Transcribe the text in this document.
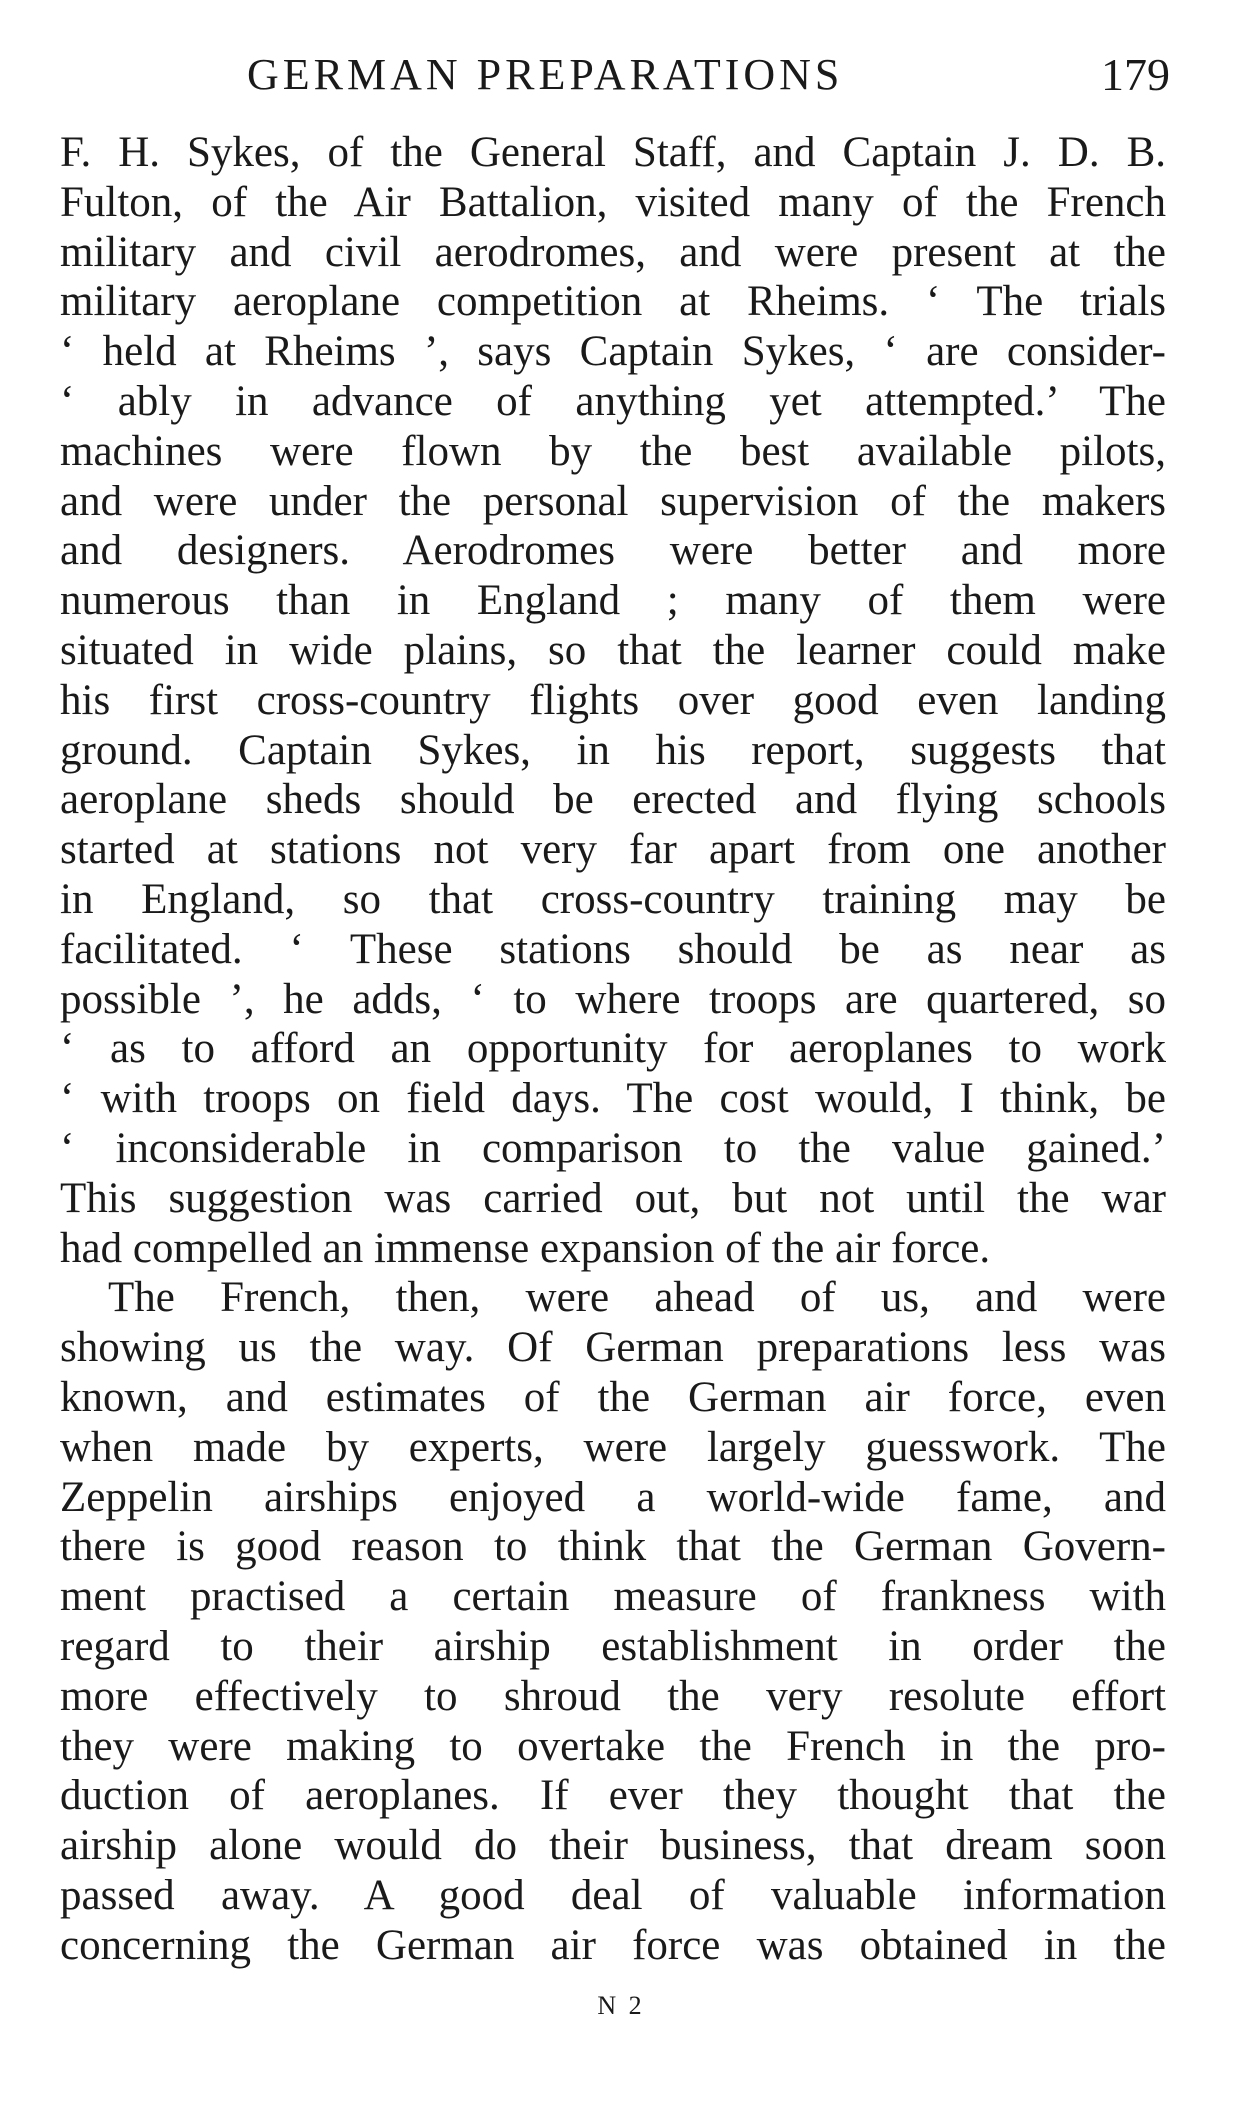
GERMAN PREPARATIONS	179
F. H. Sykes, of the General Staff, and Captain J. D. B.
Fulton, of the Air Battalion, visited many of the French
military and civil aerodromes, and were present at the
military aeroplane competition at Rheims. ‘ The trials
‘ held at Rheims ’, says Captain Sykes, ‘ are consider-
‘ ably in advance of anything yet attempted.’ The
machines were flown by the best available pilots,
and were under the personal supervision of the makers
and designers. Aerodromes were better and more
numerous than in England ; many of them were
situated in wide plains, so that the learner could make
his first cross-country flights over good even landing
ground. Captain Sykes, in his report, suggests that
aeroplane sheds should be erected and flying schools
started at stations not very far apart from one another
in England, so that cross-country training may be
facilitated. ‘ These stations should be as near as
possible ’, he adds, ‘ to where troops are quartered, so
‘ as to afford an opportunity for aeroplanes to work
‘ with troops on field days. The cost would, I think, be
‘ inconsiderable in comparison to the value gained.’
This suggestion was carried out, but not until the war
had compelled an immense expansion of the air force.
The French, then, were ahead of us, and were
showing us the way. Of German preparations less was
known, and estimates of the German air force, even
when made by experts, were largely guesswork. The
Zeppelin airships enjoyed a world-wide fame, and
there is good reason to think that the German Govern-
ment practised a certain measure of frankness with
regard to their airship establishment in order the
more effectively to shroud the very resolute effort
they were making to overtake the French in the pro-
duction of aeroplanes. If ever they thought that the
airship alone would do their business, that dream soon
passed away. A good deal of valuable information
concerning the German air force was obtained in the
N 2
